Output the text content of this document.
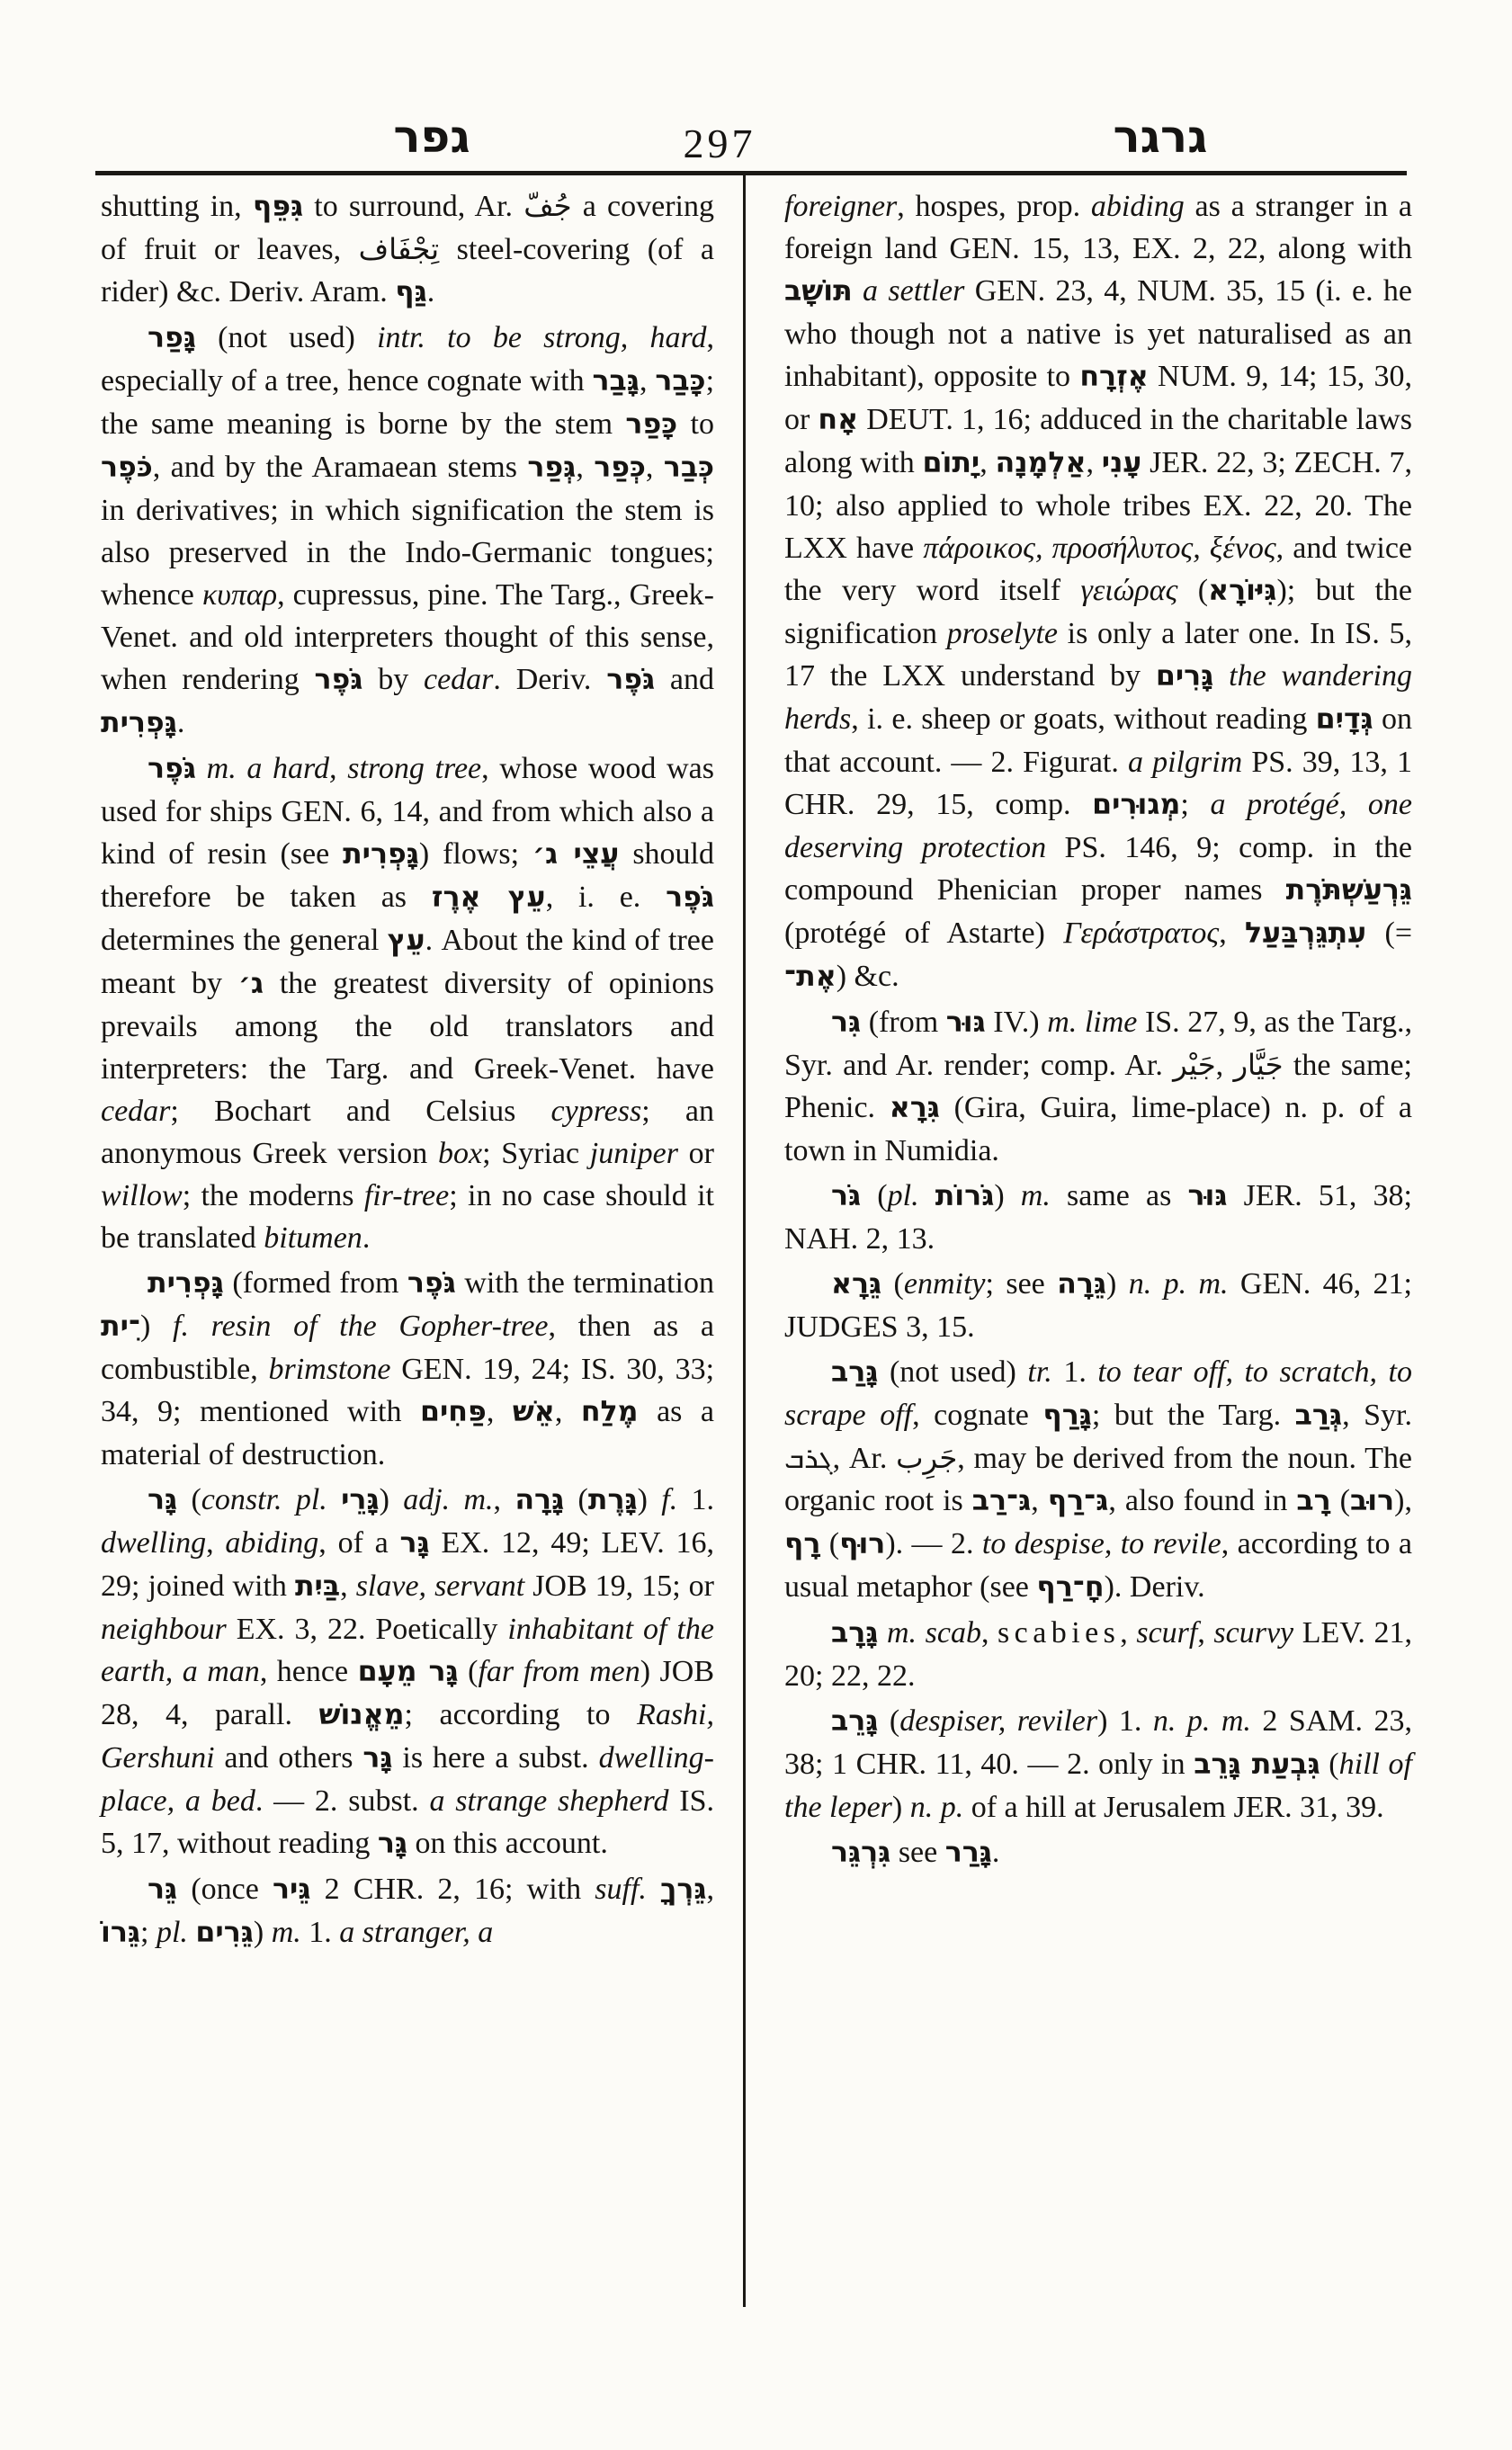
גפר	297	גרגר

shutting in, גִּפֵּף to surround, Ar. جُفّ a covering of fruit or leaves, تِجْفَاف steel-covering (of a rider) &c. Deriv. Aram. גַּף.

גָּפַר (not used) intr. to be strong, hard, especially of a tree, hence cognate with גָּבַר, כָּבַר; the same meaning is borne by the stem כָּפַר to כֹּפֶר, and by the Aramaean stems גְּפַר, כְּפַר, כְּבַר in derivatives; in which signification the stem is also preserved in the Indo-Germanic tongues; whence κυπαρ, cupressus, pine. The Targ., Greek-Venet. and old interpreters thought of this sense, when rendering גֹּפֶר by cedar. Deriv. גֹּפֶר and גָּפְרִית.

גֹּפֶר m. a hard, strong tree, whose wood was used for ships GEN. 6, 14, and from which also a kind of resin (see גָּפְרִית) flows; עֲצֵי ג׳ should therefore be taken as עֵץ אֶרֶז, i. e. גֹּפֶר determines the general עֵץ. About the kind of tree meant by ג׳ the greatest diversity of opinions prevails among the old translators and interpreters: the Targ. and Greek-Venet. have cedar; Bochart and Celsius cypress; an anonymous Greek version box; Syriac juniper or willow; the moderns fir-tree; in no case should it be translated bitumen.

גָּפְרִית (formed from גֹּפֶר with the termination ־ִית) f. resin of the Gopher-tree, then as a combustible, brimstone GEN. 19, 24; IS. 30, 33; 34, 9; mentioned with פַּחִים, אֵשׁ, מֶלַח as a material of destruction.

גָּר (constr. pl. גָּרֵי) adj. m., גָּרָה (גָּרֶת) f. 1. dwelling, abiding, of a גָּר EX. 12, 49; LEV. 16, 29; joined with בַּיִת, slave, servant JOB 19, 15; or neighbour EX. 3, 22. Poetically inhabitant of the earth, a man, hence גָּר מֵעָם (far from men) JOB 28, 4, parall. מֵאֱנוֹשׁ; according to Rashi, Gershuni and others גָּר is here a subst. dwelling-place, a bed. — 2. subst. a strange shepherd IS. 5, 17, without reading גָּר on this account.

גֵּר (once גֵּיר 2 CHR. 2, 16; with suff. גֵּרְךָ, גֵּרוֹ; pl. גֵּרִים) m. 1. a stranger, a

foreigner, hospes, prop. abiding as a stranger in a foreign land GEN. 15, 13, EX. 2, 22, along with תּוֹשָׁב a settler GEN. 23, 4, NUM. 35, 15 (i. e. he who though not a native is yet naturalised as an inhabitant), opposite to אֶזְרָח NUM. 9, 14; 15, 30, or אָח DEUT. 1, 16; adduced in the charitable laws along with יָתוֹם, אַלְמָנָה, עָנִי JER. 22, 3; ZECH. 7, 10; also applied to whole tribes EX. 22, 20. The LXX have πάροικος, προσήλυτος, ξένος, and twice the very word itself γειώρας (גִּיּוֹרָא); but the signification proselyte is only a later one. In IS. 5, 17 the LXX understand by גָּרִים the wandering herds, i. e. sheep or goats, without reading גְּדָיִם on that account. — 2. Figurat. a pilgrim PS. 39, 13, 1 CHR. 29, 15, comp. מְגוּרִים; a protégé, one deserving protection PS. 146, 9; comp. in the compound Phenician proper names גֵּרְעַשְׁתֹּרֶת (protégé of Astarte) Γεράστρατος, עִתְגֵּרְבַּעַל (= אֶת־) &c.

גִּר (from גּוּר IV.) m. lime IS. 27, 9, as the Targ., Syr. and Ar. render; comp. Ar. جَيْر, جَيَّار the same; Phenic. גִּרָא (Gira, Guira, lime-place) n. p. of a town in Numidia.

גֹּר (pl. גֹּרוֹת) m. same as גּוּר JER. 51, 38; NAH. 2, 13.

גֵּרָא (enmity; see גֵּרָה) n. p. m. GEN. 46, 21; JUDGES 3, 15.

גָּרַב (not used) tr. 1. to tear off, to scratch, to scrape off, cognate גָּרַף; but the Targ. גְּרַב, Syr. ܓܪܒ, Ar. جَرِب, may be derived from the noun. The organic root is גּ־רַב, גּ־רַף, also found in רָב (רוּב), רָף (רוּף). — 2. to despise, to revile, according to a usual metaphor (see חָ־רַף). Deriv.

גָּרָב m. scab, scabies, scurf, scurvy LEV. 21, 20; 22, 22.

גָּרֵב (despiser, reviler) 1. n. p. m. 2 SAM. 23, 38; 1 CHR. 11, 40. — 2. only in גִּבְעַת גָּרֵב (hill of the leper) n. p. of a hill at Jerusalem JER. 31, 39.

גִּרְגֵּר see גָּרַר.
